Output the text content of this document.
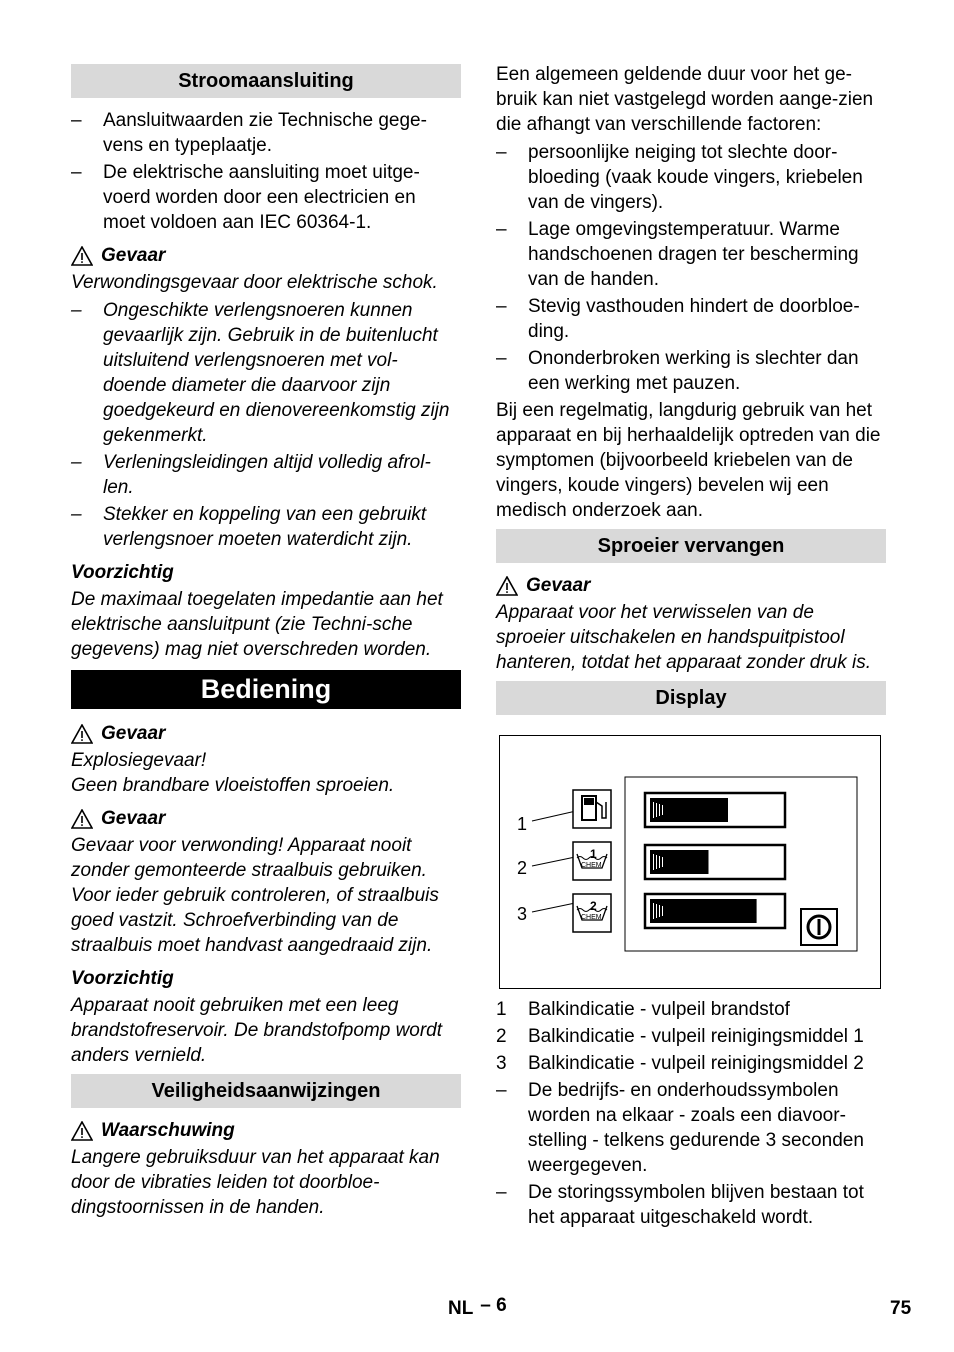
Stroomaansluiting
– Aansluitwaarden zie Technische gege-vens en typeplaatje.
– De elektrische aansluiting moet uitge-voerd worden door een electricien en moet voldoen aan IEC 60364-1.
Gevaar
Verwondingsgevaar door elektrische schok.
– Ongeschikte verlengsnoeren kunnen gevaarlijk zijn. Gebruik in de buitenlucht uitsluitend verlengsnoeren met vol-doende diameter die daarvoor zijn goedgekeurd en dienovereenkomstig zijn gekenmerkt.
– Verleningsleidingen altijd volledig afrol-len.
– Stekker en koppeling van een gebruikt verlengsnoer moeten waterdicht zijn.
Voorzichtig
De maximaal toegelaten impedantie aan het elektrische aansluitpunt (zie Techni-sche gegevens) mag niet overschreden worden.
Bediening
Gevaar
Explosiegevaar!
Geen brandbare vloeistoffen sproeien.
Gevaar
Gevaar voor verwonding! Apparaat nooit zonder gemonteerde straalbuis gebruiken. Voor ieder gebruik controleren, of straalbuis goed vastzit. Schroefverbinding van de straalbuis moet handvast aangedraaid zijn.
Voorzichtig
Apparaat nooit gebruiken met een leeg brandstofreservoir. De brandstofpomp wordt anders vernield.
Veiligheidsaanwijzingen
Waarschuwing
Langere gebruiksduur van het apparaat kan door de vibraties leiden tot doorbloe-dingstoornissen in de handen.
Een algemeen geldende duur voor het ge-bruik kan niet vastgelegd worden aange-zien die afhangt van verschillende factoren:
– persoonlijke neiging tot slechte door-bloeding (vaak koude vingers, kriebelen van de vingers).
– Lage omgevingstemperatuur. Warme handschoenen dragen ter bescherming van de handen.
– Stevig vasthouden hindert de doorbloe-ding.
– Ononderbroken werking is slechter dan een werking met pauzen.
Bij een regelmatig, langdurig gebruik van het apparaat en bij herhaaldelijk optreden van die symptomen (bijvoorbeeld kriebelen van de vingers, koude vingers) bevelen wij een medisch onderzoek aan.
Sproeier vervangen
Gevaar
Apparaat voor het verwisselen van de sproeier uitschakelen en handspuitpistool hanteren, totdat het apparaat zonder druk is.
Display
1
2
3
1
CHEM
2
CHEM
1 Balkindicatie - vulpeil brandstof
2 Balkindicatie - vulpeil reinigingsmiddel 1
3 Balkindicatie - vulpeil reinigingsmiddel 2
– De bedrijfs- en onderhoudssymbolen worden na elkaar - zoals een diavoor-stelling - telkens gedurende 3 seconden weergegeven.
– De storingssymbolen blijven bestaan tot het apparaat uitgeschakeld wordt.
NL – 6	75
